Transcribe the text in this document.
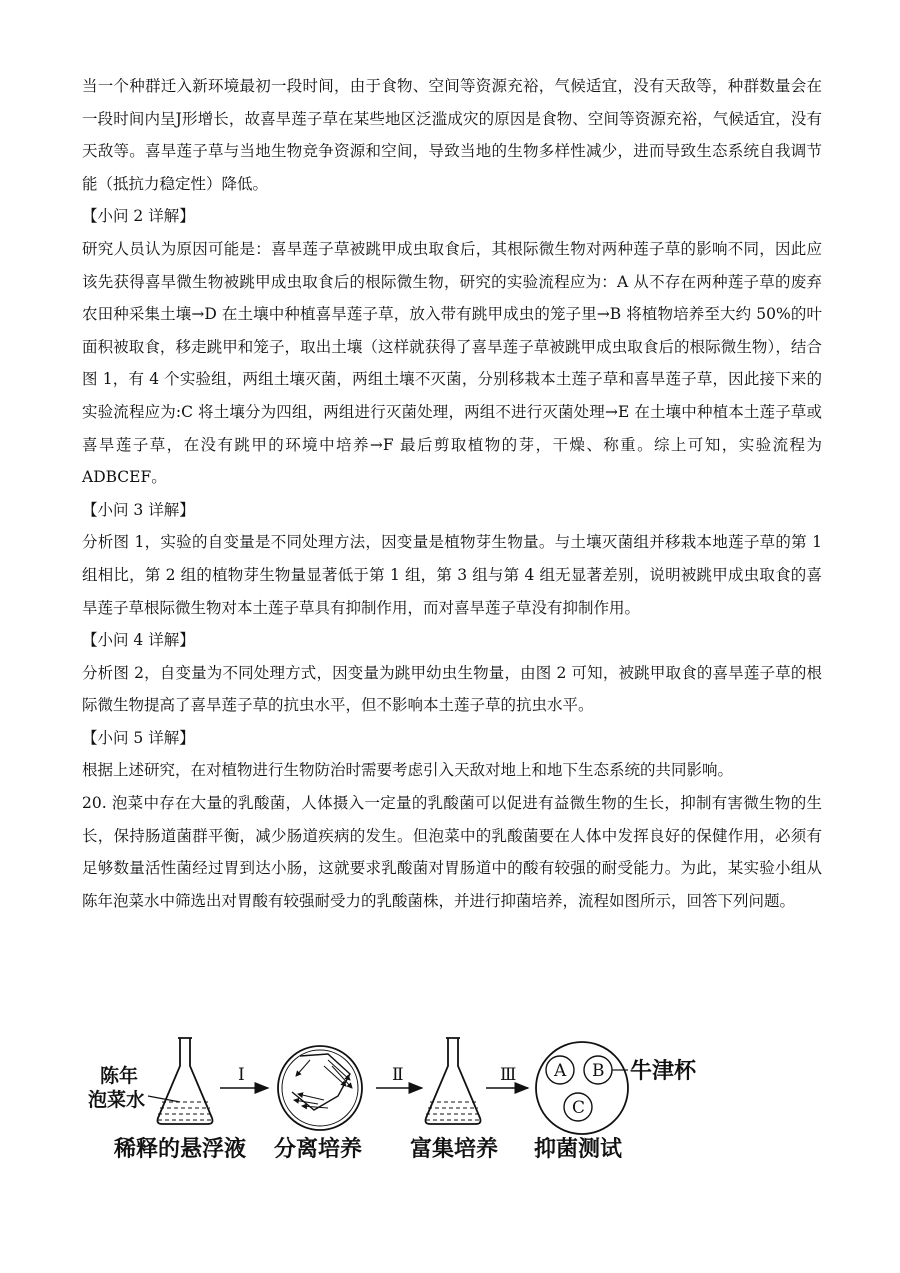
当一个种群迁入新环境最初一段时间，由于食物、空间等资源充裕，气候适宜，没有天敌等，种群数量会在一段时间内呈J形增长，故喜旱莲子草在某些地区泛滥成灾的原因是食物、空间等资源充裕，气候适宜，没有天敌等。喜旱莲子草与当地生物竞争资源和空间，导致当地的生物多样性减少，进而导致生态系统自我调节能（抵抗力稳定性）降低。

【小问 2 详解】

研究人员认为原因可能是：喜旱莲子草被跳甲成虫取食后，其根际微生物对两种莲子草的影响不同，因此应该先获得喜旱微生物被跳甲成虫取食后的根际微生物，研究的实验流程应为：A 从不存在两种莲子草的废弃农田种采集土壤→D 在土壤中种植喜旱莲子草，放入带有跳甲成虫的笼子里→B 将植物培养至大约 50%的叶面积被取食，移走跳甲和笼子，取出土壤（这样就获得了喜旱莲子草被跳甲成虫取食后的根际微生物），结合图 1，有 4 个实验组，两组土壤灭菌，两组土壤不灭菌，分别移栽本土莲子草和喜旱莲子草，因此接下来的实验流程应为:C 将土壤分为四组，两组进行灭菌处理，两组不进行灭菌处理→E 在土壤中种植本土莲子草或喜旱莲子草，在没有跳甲的环境中培养→F 最后剪取植物的芽，干燥、称重。综上可知，实验流程为 ADBCEF。

【小问 3 详解】

分析图 1，实验的自变量是不同处理方法，因变量是植物芽生物量。与土壤灭菌组并移栽本地莲子草的第 1 组相比，第 2 组的植物芽生物量显著低于第 1 组，第 3 组与第 4 组无显著差别，说明被跳甲成虫取食的喜旱莲子草根际微生物对本土莲子草具有抑制作用，而对喜旱莲子草没有抑制作用。

【小问 4 详解】

分析图 2，自变量为不同处理方式，因变量为跳甲幼虫生物量，由图 2 可知，被跳甲取食的喜旱莲子草的根际微生物提高了喜旱莲子草的抗虫水平，但不影响本土莲子草的抗虫水平。

【小问 5 详解】

根据上述研究，在对植物进行生物防治时需要考虑引入天敌对地上和地下生态系统的共同影响。

20. 泡菜中存在大量的乳酸菌，人体摄入一定量的乳酸菌可以促进有益微生物的生长，抑制有害微生物的生长，保持肠道菌群平衡，减少肠道疾病的发生。但泡菜中的乳酸菌要在人体中发挥良好的保健作用，必须有足够数量活性菌经过胃到达小肠，这就要求乳酸菌对胃肠道中的酸有较强的耐受能力。为此，某实验小组从陈年泡菜水中筛选出对胃酸有较强耐受力的乳酸菌株，并进行抑菌培养，流程如图所示，回答下列问题。

陈年
泡菜水
Ⅰ	Ⅱ	Ⅲ A B
C
牛津杯
稀释的悬浮液 分离培养 富集培养 抑菌测试
